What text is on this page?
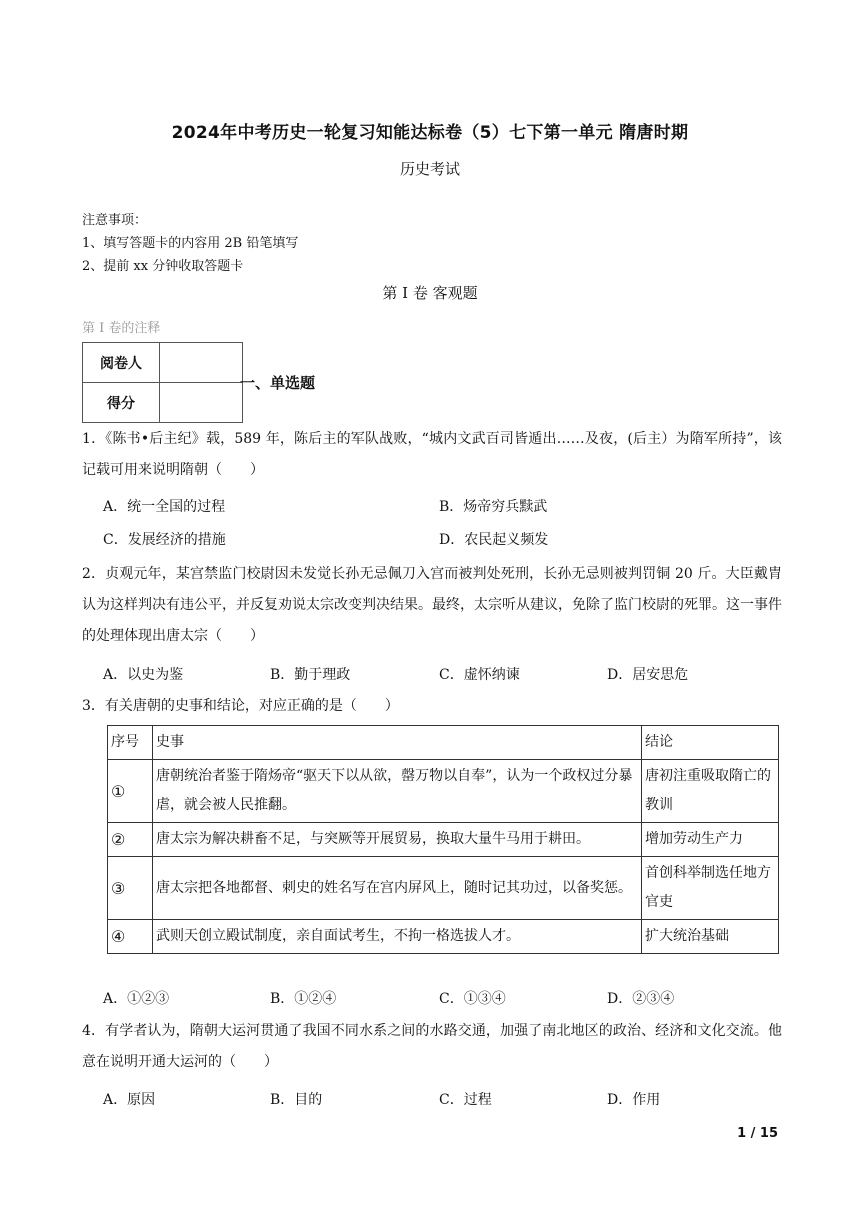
2024年中考历史一轮复习知能达标卷（5）七下第一单元 隋唐时期
历史考试
注意事项：
1、填写答题卡的内容用 2B 铅笔填写
2、提前 xx 分钟收取答题卡
第 I 卷 客观题
第 I 卷的注释
阅卷人	
得分	
一、单选题
1．《陈书•后主纪》载，589 年，陈后主的军队战败，“城内文武百司皆遁出……及夜，(后主）为隋军所持”，该记载可用来说明隋朝（　　）
A．统一全国的过程	B．炀帝穷兵黩武
C．发展经济的措施	D．农民起义频发
2．贞观元年，某宫禁监门校尉因未发觉长孙无忌佩刀入宫而被判处死刑，长孙无忌则被判罚铜 20 斤。大臣戴胄认为这样判决有违公平，并反复劝说太宗改变判决结果。最终，太宗听从建议，免除了监门校尉的死罪。这一事件的处理体现出唐太宗（　　）
A．以史为鉴	B．勤于理政	C．虚怀纳谏	D．居安思危
3．有关唐朝的史事和结论，对应正确的是（　　）
序号	史事	结论
①	唐朝统治者鉴于隋炀帝“驱天下以从欲，罄万物以自奉”，认为一个政权过分暴虐，就会被人民推翻。	唐初注重吸取隋亡的教训
②	唐太宗为解决耕畜不足，与突厥等开展贸易，换取大量牛马用于耕田。	增加劳动生产力
③	唐太宗把各地都督、刺史的姓名写在宫内屏风上，随时记其功过，以备奖惩。	首创科举制选任地方官吏
④	武则天创立殿试制度，亲自面试考生，不拘一格选拔人才。	扩大统治基础
A．①②③	B．①②④	C．①③④	D．②③④
4．有学者认为，隋朝大运河贯通了我国不同水系之间的水路交通，加强了南北地区的政治、经济和文化交流。他意在说明开通大运河的（　　）
A．原因	B．目的	C．过程	D．作用
1 / 15
